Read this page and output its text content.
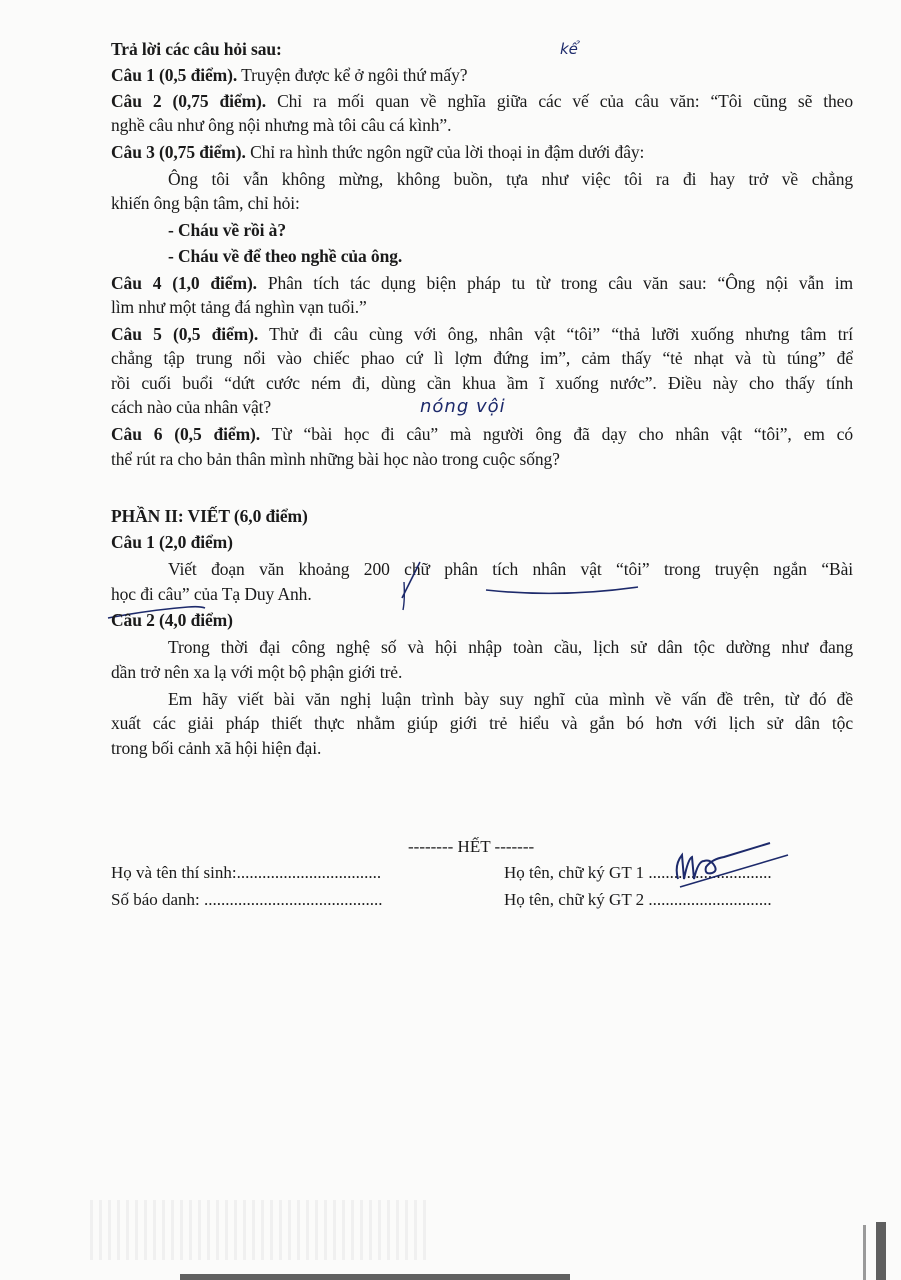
Trả lời các câu hỏi sau:
Câu 1 (0,5 điểm). Truyện được kể ở ngôi thứ mấy?
kể
Câu 2 (0,75 điểm). Chỉ ra mối quan về nghĩa giữa các vế của câu văn: “Tôi cũng sẽ theo
nghề câu như ông nội nhưng mà tôi câu cá kình”.
Câu 3 (0,75 điểm). Chỉ ra hình thức ngôn ngữ của lời thoại in đậm dưới đây:
Ông tôi vẫn không mừng, không buồn, tựa như việc tôi ra đi hay trở về chẳng
khiến ông bận tâm, chỉ hỏi:
- Cháu về rồi à?
- Cháu về để theo nghề của ông.
Câu 4 (1,0 điểm). Phân tích tác dụng biện pháp tu từ trong câu văn sau: “Ông nội vẫn im
lìm như một tảng đá nghìn vạn tuổi.”
Câu 5 (0,5 điểm). Thử đi câu cùng với ông, nhân vật “tôi” “thả lưỡi xuống nhưng tâm trí
chẳng tập trung nổi vào chiếc phao cứ lì lợm đứng im”, cảm thấy “tẻ nhạt và tù túng” để
rồi cuối buổi “dứt cước ném đi, dùng cần khua ầm ĩ xuống nước”. Điều này cho thấy tính
cách nào của nhân vật?	nóng vội
Câu 6 (0,5 điểm). Từ “bài học đi câu” mà người ông đã dạy cho nhân vật “tôi”, em có
thể rút ra cho bản thân mình những bài học nào trong cuộc sống?
PHẦN II: VIẾT (6,0 điểm)
Câu 1 (2,0 điểm)
Viết đoạn văn khoảng 200 chữ phân tích nhân vật “tôi” trong truyện ngắn “Bài
học đi câu” của Tạ Duy Anh.
Câu 2 (4,0 điểm)
Trong thời đại công nghệ số và hội nhập toàn cầu, lịch sử dân tộc dường như đang
dần trở nên xa lạ với một bộ phận giới trẻ.
Em hãy viết bài văn nghị luận trình bày suy nghĩ của mình về vấn đề trên, từ đó đề
xuất các giải pháp thiết thực nhằm giúp giới trẻ hiểu và gắn bó hơn với lịch sử dân tộc
trong bối cảnh xã hội hiện đại.
-------- HẾT -------
Họ và tên thí sinh:..................................	Họ tên, chữ ký GT 1 .............................
Số báo danh: ..........................................	Họ tên, chữ ký GT 2 .............................
